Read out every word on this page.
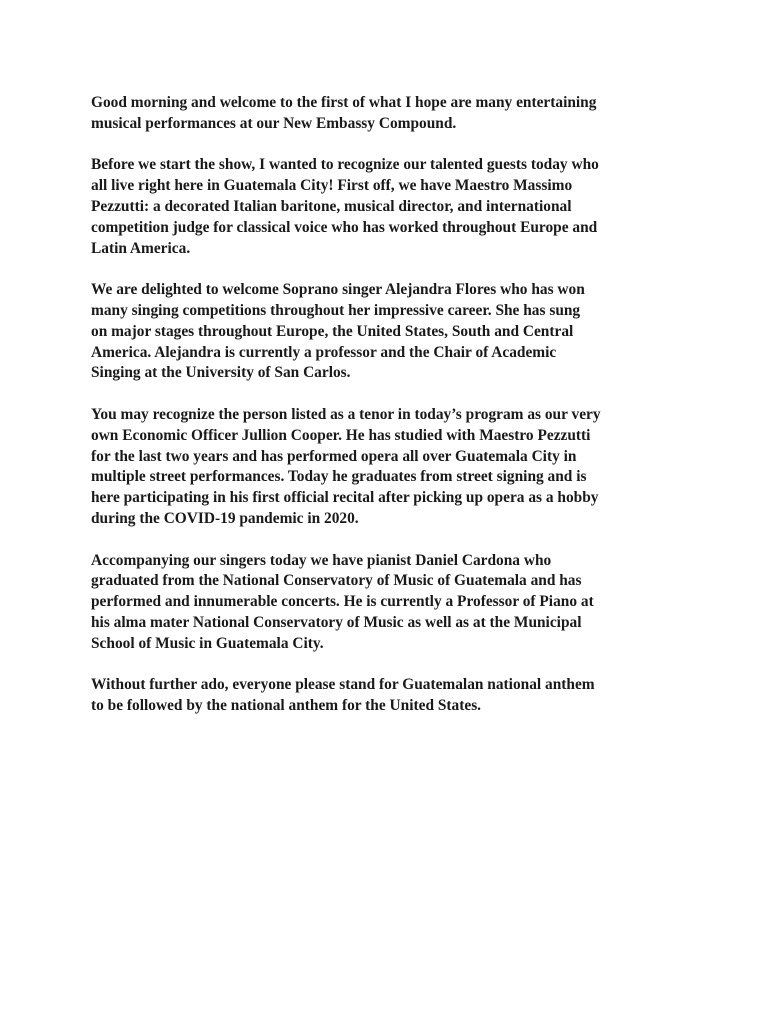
Good morning and welcome to the first of what I hope are many entertaining
musical performances at our New Embassy Compound.

Before we start the show, I wanted to recognize our talented guests today who
all live right here in Guatemala City! First off, we have Maestro Massimo
Pezzutti: a decorated Italian baritone, musical director, and international
competition judge for classical voice who has worked throughout Europe and
Latin America.

We are delighted to welcome Soprano singer Alejandra Flores who has won
many singing competitions throughout her impressive career. She has sung
on major stages throughout Europe, the United States, South and Central
America. Alejandra is currently a professor and the Chair of Academic
Singing at the University of San Carlos.

You may recognize the person listed as a tenor in today’s program as our very
own Economic Officer Jullion Cooper. He has studied with Maestro Pezzutti
for the last two years and has performed opera all over Guatemala City in
multiple street performances. Today he graduates from street signing and is
here participating in his first official recital after picking up opera as a hobby
during the COVID-19 pandemic in 2020.

Accompanying our singers today we have pianist Daniel Cardona who
graduated from the National Conservatory of Music of Guatemala and has
performed and innumerable concerts. He is currently a Professor of Piano at
his alma mater National Conservatory of Music as well as at the Municipal
School of Music in Guatemala City.

Without further ado, everyone please stand for Guatemalan national anthem
to be followed by the national anthem for the United States.
